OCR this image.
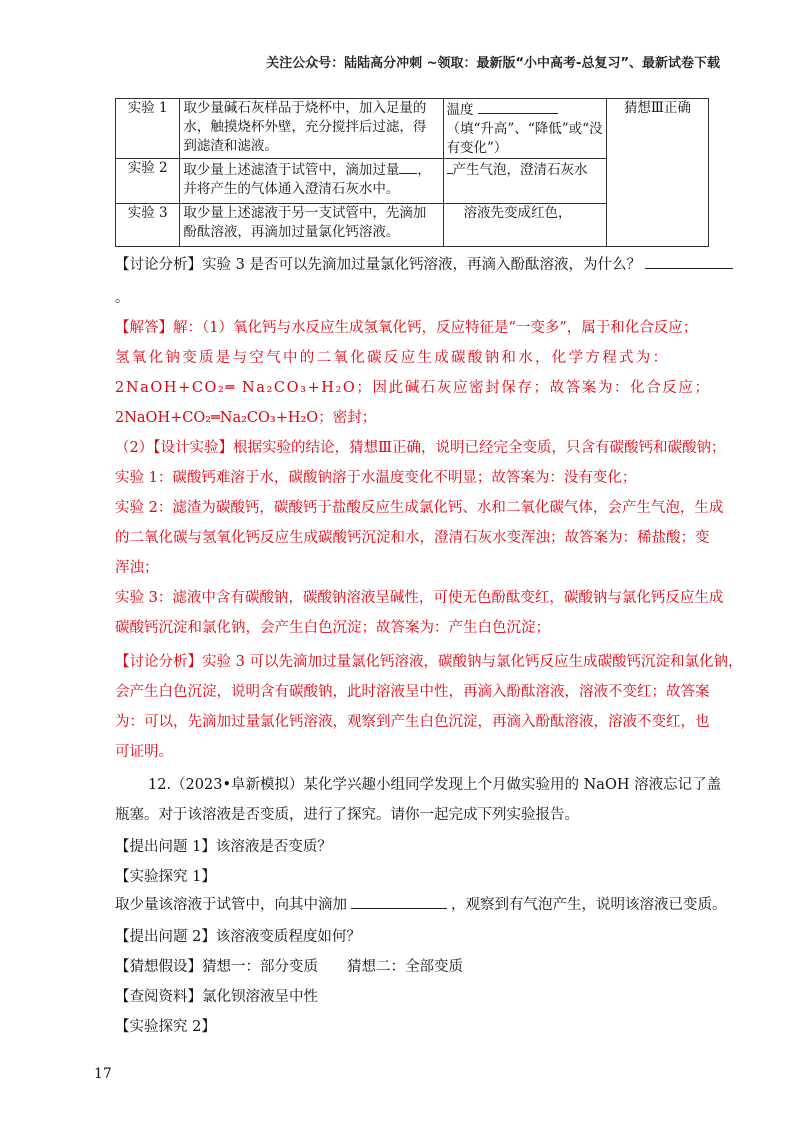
关注公众号：陆陆高分冲刺 ~领取：最新版“小中高考-总复习”、最新试卷下载
实验 1	取少量碱石灰样品于烧杯中，加入足量的水，触摸烧杯外壁，充分搅拌后过滤，得到滤渣和滤液。	温度 （填“升高”、“降低”或“没有变化”）	猜想Ⅲ正确
实验 2	取少量上述滤渣于试管中，滴加过量 ，并将产生的气体通入澄清石灰水中。	产生气泡，澄清石灰水	
实验 3	取少量上述滤液于另一支试管中，先滴加酚酞溶液，再滴加过量氯化钙溶液。	溶液先变成红色，	
【讨论分析】实验 3 是否可以先滴加过量氯化钙溶液，再滴入酚酞溶液，为什么？
。
【解答】解：（1）氧化钙与水反应生成氢氧化钙，反应特征是“一变多”，属于和化合反应；
氢氧化钠变质是与空气中的二氧化碳反应生成碳酸钠和水，化学方程式为：
2NaOH+CO₂═ Na₂CO₃+H₂O；因此碱石灰应密封保存；故答案为：化合反应；
2NaOH+CO₂═Na₂CO₃+H₂O；密封；
（2）【设计实验】根据实验的结论，猜想Ⅲ正确，说明已经完全变质，只含有碳酸钙和碳酸钠；
实验 1：碳酸钙难溶于水，碳酸钠溶于水温度变化不明显；故答案为：没有变化；
实验 2：滤渣为碳酸钙，碳酸钙于盐酸反应生成氯化钙、水和二氧化碳气体，会产生气泡，生成
的二氧化碳与氢氧化钙反应生成碳酸钙沉淀和水，澄清石灰水变浑浊；故答案为：稀盐酸；变
浑浊；
实验 3：滤液中含有碳酸钠，碳酸钠溶液呈碱性，可使无色酚酞变红，碳酸钠与氯化钙反应生成
碳酸钙沉淀和氯化钠，会产生白色沉淀；故答案为：产生白色沉淀；
【讨论分析】实验 3 可以先滴加过量氯化钙溶液，碳酸钠与氯化钙反应生成碳酸钙沉淀和氯化钠，
会产生白色沉淀，说明含有碳酸钠，此时溶液呈中性，再滴入酚酞溶液，溶液不变红；故答案
为：可以，先滴加过量氯化钙溶液，观察到产生白色沉淀，再滴入酚酞溶液，溶液不变红，也
可证明。
12.（2023•阜新模拟）某化学兴趣小组同学发现上个月做实验用的 NaOH 溶液忘记了盖
瓶塞。对于该溶液是否变质，进行了探究。请你一起完成下列实验报告。
【提出问题 1】该溶液是否变质？
【实验探究 1】
取少量该溶液于试管中，向其中滴加	，观察到有气泡产生，说明该溶液已变质。
【提出问题 2】该溶液变质程度如何？
【猜想假设】猜想一：部分变质　　猜想二：全部变质
【查阅资料】氯化钡溶液呈中性
【实验探究 2】
17
